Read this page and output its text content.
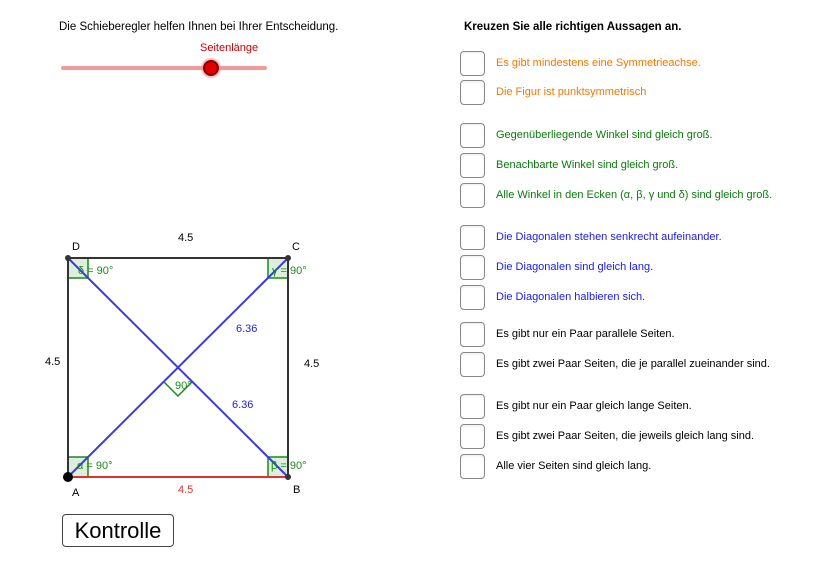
Die Schieberegler helfen Ihnen bei Ihrer Entscheidung.
Seitenlänge
D	C
A	B
4.5
4.5	4.5
4.5
6.36
6.36
δ = 90°	γ = 90°
α = 90°	β = 90°
90°
Kontrolle
Kreuzen Sie alle richtigen Aussagen an.
Es gibt mindestens eine Symmetrieachse.
Die Figur ist punktsymmetrisch
Gegenüberliegende Winkel sind gleich groß.
Benachbarte Winkel sind gleich groß.
Alle Winkel in den Ecken (α, β, γ und δ) sind gleich groß.
Die Diagonalen stehen senkrecht aufeinander.
Die Diagonalen sind gleich lang.
Die Diagonalen halbieren sich.
Es gibt nur ein Paar parallele Seiten.
Es gibt zwei Paar Seiten, die je parallel zueinander sind.
Es gibt nur ein Paar gleich lange Seiten.
Es gibt zwei Paar Seiten, die jeweils gleich lang sind.
Alle vier Seiten sind gleich lang.
